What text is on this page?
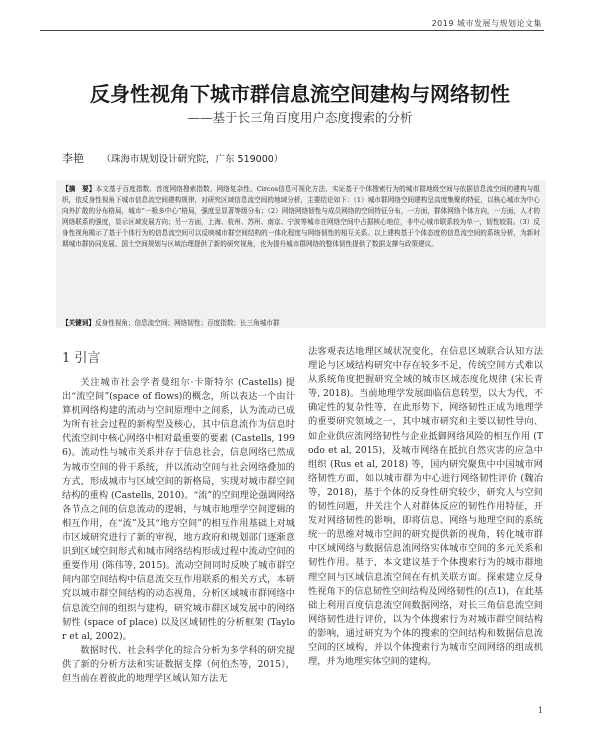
2019 城市发展与规划论文集
反身性视角下城市群信息流空间建构与网络韧性
——基于长三角百度用户态度搜索的分析
李艳 （珠海市规划设计研究院，广东 519000）
【摘　要】本文基于百度指数、首度网络搜索指数、网络复杂性、Circos信息可视化方法、实证基于个体搜索行为的城市群地级空间与依据信息流空间的建构与组织，依反身性视角下城市信息流空间建构规律，对研究区域信息流空间的地域分析，主要结论如下：（1）城市群网络空间建构呈高度集聚的特征，以核心城市为中心向外扩散的分布格局，城市“一极多中心”格局，强度呈显著等级分布；（2）网络网络韧性与成员网络的空间特征分布，一方面，群体网络个体方向，一方面，人才的网络联系的强度，显示区域发展方向；另一方面，上海、杭州、苏州、南京、宁波等城市在网络空间中占据核心地位，非中心城市联系较为单一，韧性较弱。（3）反身性视角揭示了基于个体行为的信息流空间可以反映城市群空间结构的一体化程度与网络韧性的相互关系。以上建构基于个体态度的信息流空间的系统分析，为新时期城市群协同发展、国土空间规划与区域治理提供了新的研究视角，也为提升城市群网络的整体韧性提供了数据支撑与政策建议。
【关键词】反身性视角；信息流空间；网络韧性；百度指数；长三角城市群
1 引言

关注城市社会学者曼纽尔·卡斯特尔 (Castells) 提出“流空间”(space of flows)的概念，所以表达一个由计算机网络构建的流动与空间原理中之间系，认为流动已成为所有社会过程的新构型及核心，其中信息流作为信息时代流空间中核心网络中相对最重要的要素 (Castells, 1996)。流动性与城市关系并存于信息社会，信息网络已然成为城市空间的骨干系统，并以流动空间与社会网络叠加的方式，形成城市与区域空间的新格局，实现对城市群空间结构的重构 (Castells, 2010)。“流”的空间理论强调网络各节点之间的信息流动的逻辑，与城市地理学空间逻辑的相互作用，在“流”及其“地方空间”的相互作用基础上对城市区域研究进行了新的审视，地方政府和规划部门逐渐意识到区域空间形式和城市网络结构形成过程中流动空间的重要作用 (陈伟等, 2015)。流动空间同时反映了城市群空间内部空间结构中信息流交互作用联系的相关方式，本研究以城市群空间结构的动态视角，分析区域城市群网络中信息流空间的组织与建构，研究城市群区域发展中的网络韧性 (space of place) 以及区域韧性的分析框架 (Taylor et al, 2002)。

数据时代、社会科学化的综合分析为多学科的研究提供了新的分析方法和实证数据支撑（何伯杰等，2015），但当前在着彼此的地理学区域认知方法无

法客观表达地理区域状况变化，在信息区域联合认知方法理论与区域结构研究中存在较多不足，传统空间方式难以从系统角度把握研究全域的城市区域态度化规律 (宋长青等, 2018)。当前地理学发展面临信息转型，以大为代，不确定性的复杂性等，在此形势下，网络韧性正成为地理学的重要研究领域之一，其中城市研究和主要以韧性导向、如企业供应流网络韧性与企业抵御网络风险的相互作用 (Todo et al, 2015)，及城市网络在抵抗自然灾害的应急中组织 (Rus et al, 2018) 等，国内研究聚焦中中国城市网络韧性方面，如以城市群为中心进行网络韧性评价 (魏冶等，2018)，基于个体的反身性研究较少，研究人与空间的韧性问题，并关注个人对群体反应的韧性作用特征，开发对网络韧性的影响，即将信息、网络与地理空间的系统统一的思维对城市空间的研究提供新的视角，转化城市群中区域网络与数据信息流网络实体城市空间的多元关系和韧性作用。基于，本文建议基于个体搜索行为的城市群地理空间与区域信息流空间在有机关联方面。探索建立反身性视角下的信息韧性空间结构及网络韧性的(点1)，在此基础上利用百度信息流空间数据网络，对长三角信息流空间网络韧性进行评价，以为个体搜索行为对城市群空间结构的影响，通过研究为个体的搜索的空间结构和数据信息流空间的区域构，并以个体搜索行为城市空间网络的组成机理，并为地理实体空间的建构。

1
